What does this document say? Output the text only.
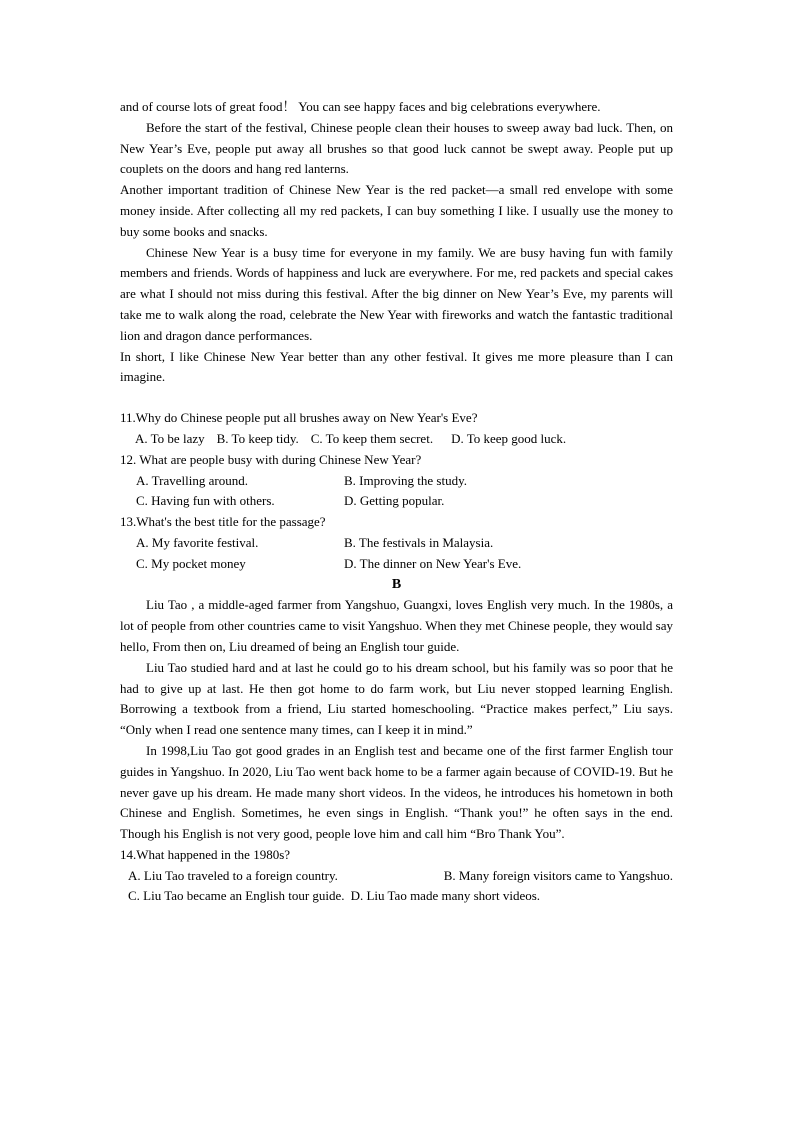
and of course lots of great food！ You can see happy faces and big celebrations everywhere.

Before the start of the festival, Chinese people clean their houses to sweep away bad luck. Then, on New Year’s Eve, people put away all brushes so that good luck cannot be swept away. People put up couplets on the doors and hang red lanterns.

Another important tradition of Chinese New Year is the red packet—a small red envelope with some money inside. After collecting all my red packets, I can buy something I like. I usually use the money to buy some books and snacks.

Chinese New Year is a busy time for everyone in my family. We are busy having fun with family members and friends. Words of happiness and luck are everywhere. For me, red packets and special cakes are what I should not miss during this festival. After the big dinner on New Year’s Eve, my parents will take me to walk along the road, celebrate the New Year with fireworks and watch the fantastic traditional lion and dragon dance performances.

In short, I like Chinese New Year better than any other festival. It gives me more pleasure than I can imagine.

11.Why do Chinese people put all brushes away on New Year's Eve?
A. To be lazy B. To keep tidy. C. To keep them secret. D. To keep good luck.
12. What are people busy with during Chinese New Year?
A. Travelling around.	B. Improving the study.
C. Having fun with others.	D. Getting popular.
13.What's the best title for the passage?
A. My favorite festival.	B. The festivals in Malaysia.
C. My pocket money	D. The dinner on New Year's Eve.
B

Liu Tao , a middle-aged farmer from Yangshuo, Guangxi, loves English very much. In the 1980s, a lot of people from other countries came to visit Yangshuo. When they met Chinese people, they would say hello, From then on, Liu dreamed of being an English tour guide.

Liu Tao studied hard and at last he could go to his dream school, but his family was so poor that he had to give up at last. He then got home to do farm work, but Liu never stopped learning English. Borrowing a textbook from a friend, Liu started homeschooling. “Practice makes perfect,” Liu says. “Only when I read one sentence many times, can I keep it in mind.”

In 1998,Liu Tao got good grades in an English test and became one of the first farmer English tour guides in Yangshuo. In 2020, Liu Tao went back home to be a farmer again because of COVID-19. But he never gave up his dream. He made many short videos. In the videos, he introduces his hometown in both Chinese and English. Sometimes, he even sings in English. “Thank you!” he often says in the end. Though his English is not very good, people love him and call him “Bro Thank You”.

14.What happened in the 1980s?
A. Liu Tao traveled to a foreign country.	B. Many foreign visitors came to Yangshuo.
C. Liu Tao became an English tour guide. D. Liu Tao made many short videos.
